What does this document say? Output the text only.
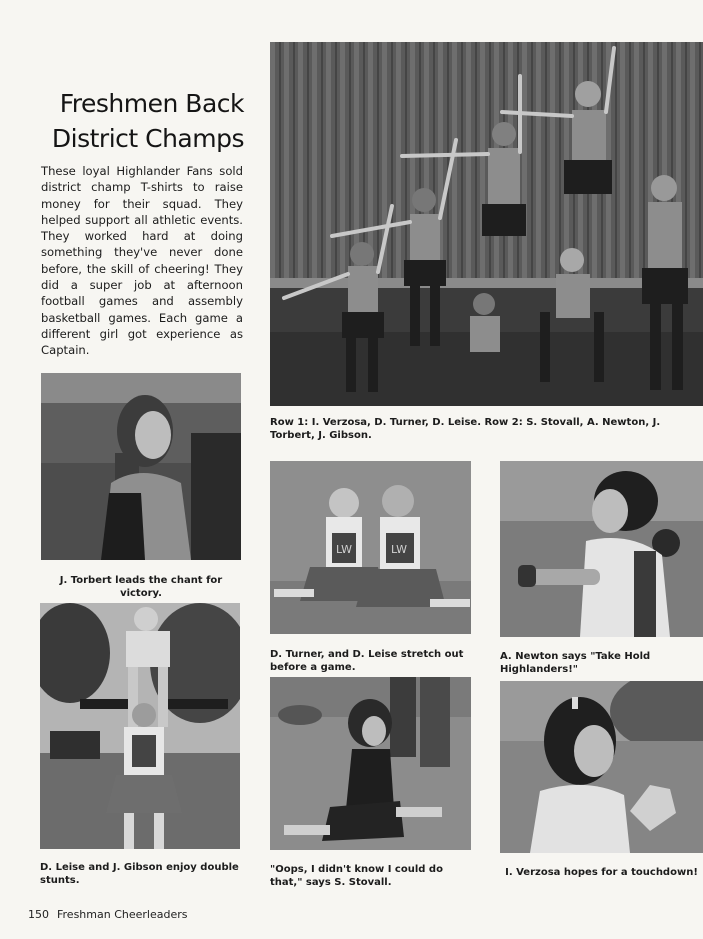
Freshmen Back
District Champs
These loyal Highlander Fans sold district champ T-shirts to raise money for their squad. They helped support all athletic events. They worked hard at doing something they've never done before, the skill of cheering! They did a super job at afternoon football games and assembly basketball games. Each game a different girl got experience as Captain.
Row 1: I. Verzosa, D. Turner, D. Leise. Row 2: S. Stovall, A. Newton, J. Torbert, J. Gibson.
J. Torbert leads the chant for victory.
LW	LW
D. Turner, and D. Leise stretch out before a game.
A. Newton says "Take Hold Highlanders!"
D. Leise and J. Gibson enjoy double stunts.
"Oops, I didn't know I could do that," says S. Stovall.
I. Verzosa hopes for a touchdown!
150 Freshman Cheerleaders
